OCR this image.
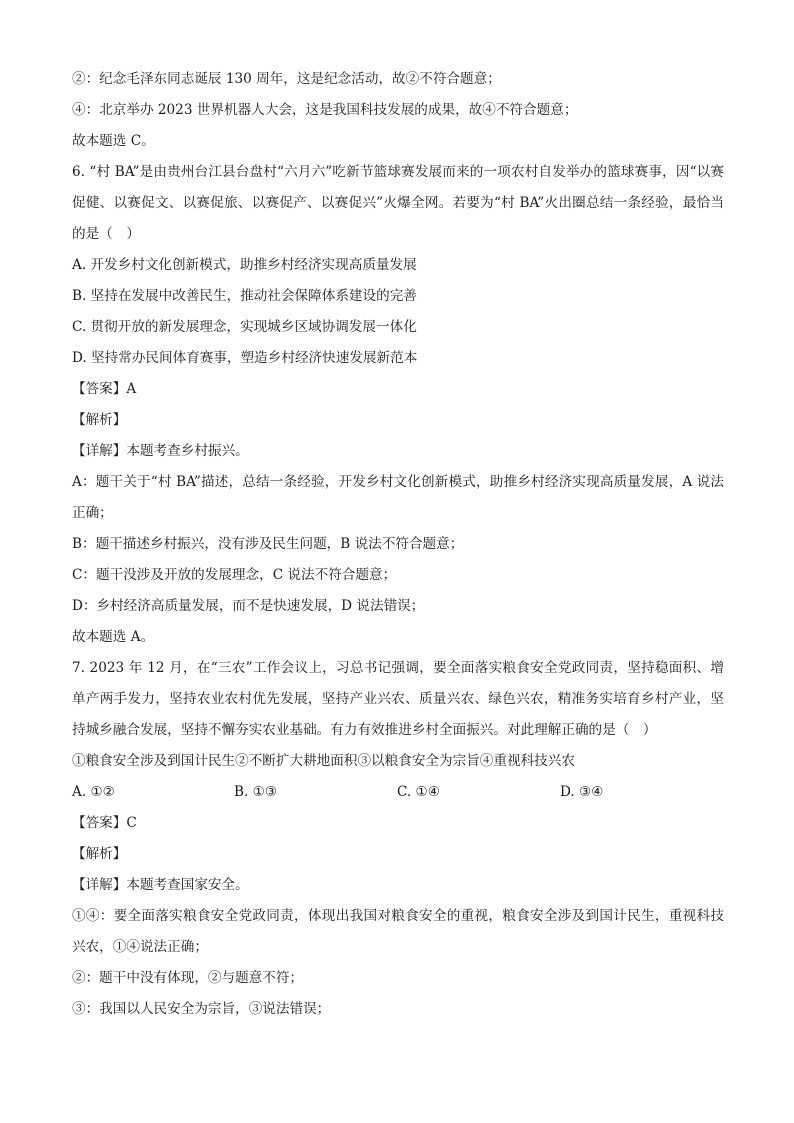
②：纪念毛泽东同志诞辰 130 周年，这是纪念活动，故②不符合题意；
④：北京举办 2023 世界机器人大会，这是我国科技发展的成果，故④不符合题意；
故本题选 C。
6. “村 BA”是由贵州台江县台盘村“六月六”吃新节篮球赛发展而来的一项农村自发举办的篮球赛事，因“以赛促健、以赛促文、以赛促旅、以赛促产、以赛促兴”火爆全网。若要为“村 BA”火出圈总结一条经验，最恰当的是（　）
A. 开发乡村文化创新模式，助推乡村经济实现高质量发展
B. 坚持在发展中改善民生，推动社会保障体系建设的完善
C. 贯彻开放的新发展理念，实现城乡区域协调发展一体化
D. 坚持常办民间体育赛事，塑造乡村经济快速发展新范本
【答案】A
【解析】
【详解】本题考查乡村振兴。
A：题干关于“村 BA”描述，总结一条经验，开发乡村文化创新模式，助推乡村经济实现高质量发展，A 说法正确；
B：题干描述乡村振兴，没有涉及民生问题，B 说法不符合题意；
C：题干没涉及开放的发展理念，C 说法不符合题意；
D：乡村经济高质量发展，而不是快速发展，D 说法错误；
故本题选 A。
7. 2023 年 12 月，在“三农”工作会议上，习总书记强调，要全面落实粮食安全党政同责，坚持稳面积、增单产两手发力，坚持农业农村优先发展，坚持产业兴农、质量兴农、绿色兴农，精准务实培育乡村产业，坚持城乡融合发展，坚持不懈夯实农业基础。有力有效推进乡村全面振兴。对此理解正确的是（　）
①粮食安全涉及到国计民生②不断扩大耕地面积③以粮食安全为宗旨④重视科技兴农
A. ①②	B. ①③	C. ①④	D. ③④
【答案】C
【解析】
【详解】本题考查国家安全。
①④：要全面落实粮食安全党政同责，体现出我国对粮食安全的重视，粮食安全涉及到国计民生，重视科技兴农，①④说法正确；
②：题干中没有体现，②与题意不符；
③：我国以人民安全为宗旨，③说法错误；
